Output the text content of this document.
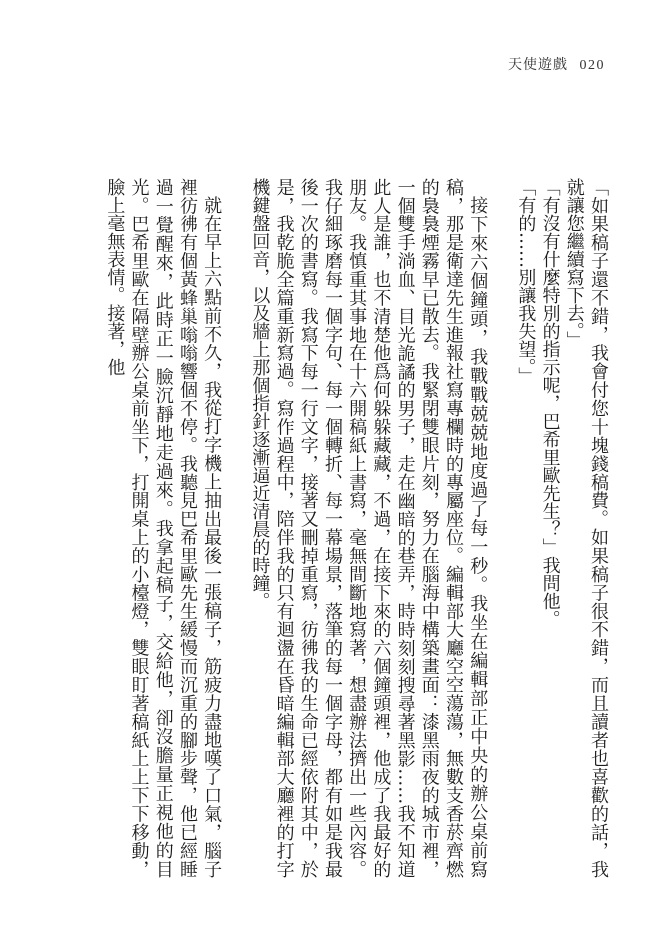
天使遊戲 020

「如果稿子還不錯，我會付您十塊錢稿費。如果稿子很不錯，而且讀者也喜歡的話，我就讓您繼續寫下去。」

「有沒有什麼特別的指示呢，巴希里歐先生？」我問他。

「有的……別讓我失望。」

接下來六個鐘頭，我戰戰兢兢地度過了每一秒。我坐在編輯部正中央的辦公桌前寫稿，那是衛達先生進報社寫專欄時的專屬座位。編輯部大廳空空蕩蕩，無數支香菸齊燃的裊裊煙霧早已散去。我緊閉雙眼片刻，努力在腦海中構築畫面：漆黑雨夜的城市裡，一個雙手淌血、目光詭譎的男子，走在幽暗的巷弄，時時刻刻搜尋著黑影……我不知道此人是誰，也不清楚他爲何躲躲藏藏，不過，在接下來的六個鐘頭裡，他成了我最好的朋友。我慎重其事地在十六開稿紙上書寫，毫無間斷地寫著，想盡辦法擠出一些內容。我仔細琢磨每一個字句、每一個轉折、每一幕場景，落筆的每一個字母，都有如是我最後一次的書寫。我寫下每一行文字，接著又刪掉重寫，彷彿我的生命已經依附其中，於是，我乾脆全篇重新寫過。寫作過程中，陪伴我的只有迴盪在昏暗編輯部大廳裡的打字機鍵盤回音，以及牆上那個指針逐漸逼近清晨的時鐘。

就在早上六點前不久，我從打字機上抽出最後一張稿子，筋疲力盡地嘆了口氣，腦子裡彷彿有個黃蜂巢嗡嗡響個不停。我聽見巴希里歐先生緩慢而沉重的腳步聲，他已經睡過一覺醒來，此時正一臉沉靜地走過來。我拿起稿子，交給他，卻沒膽量正視他的目光。巴希里歐在隔壁辦公桌前坐下，打開桌上的小檯燈，雙眼盯著稿紙上上下下移動，臉上毫無表情。接著，他
